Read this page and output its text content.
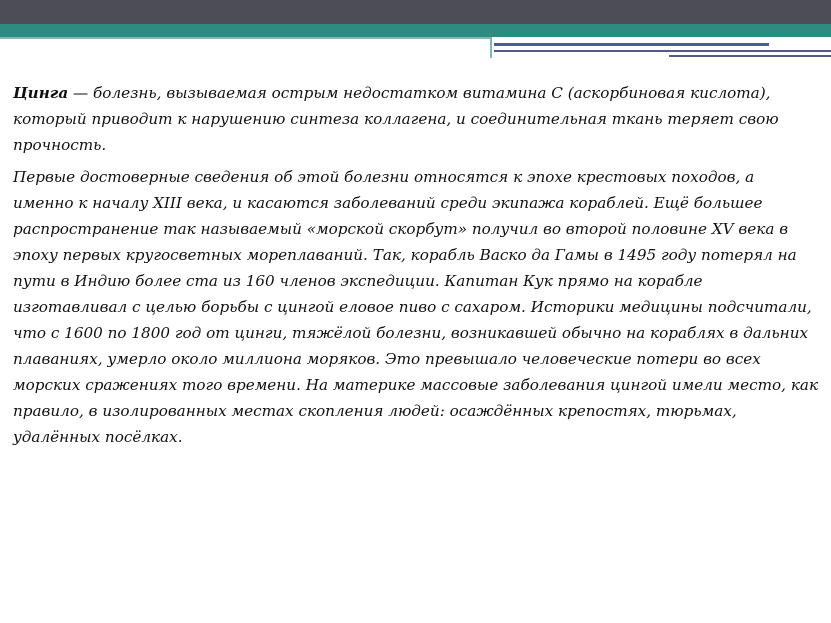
Цинга — болезнь, вызываемая острым недостатком витамина C (аскорбиновая кислота), который приводит к нарушению синтеза коллагена, и соединительная ткань теряет свою прочность.

Первые достоверные сведения об этой болезни относятся к эпохе крестовых походов, а именно к началу XIII века, и касаются заболеваний среди экипажа кораблей. Ещё большее распространение так называемый «морской скорбут» получил во второй половине XV века в эпоху первых кругосветных мореплаваний. Так, корабль Васко да Гамы в 1495 году потерял на пути в Индию более ста из 160 членов экспедиции. Капитан Кук прямо на корабле изготавливал с целью борьбы с цингой еловое пиво с сахаром. Историки медицины подсчитали, что с 1600 по 1800 год от цинги, тяжёлой болезни, возникавшей обычно на кораблях в дальних плаваниях, умерло около миллиона моряков. Это превышало человеческие потери во всех морских сражениях того времени. На материке массовые заболевания цингой имели место, как правило, в изолированных местах скопления людей: осаждённых крепостях, тюрьмах, удалённых посёлках.
